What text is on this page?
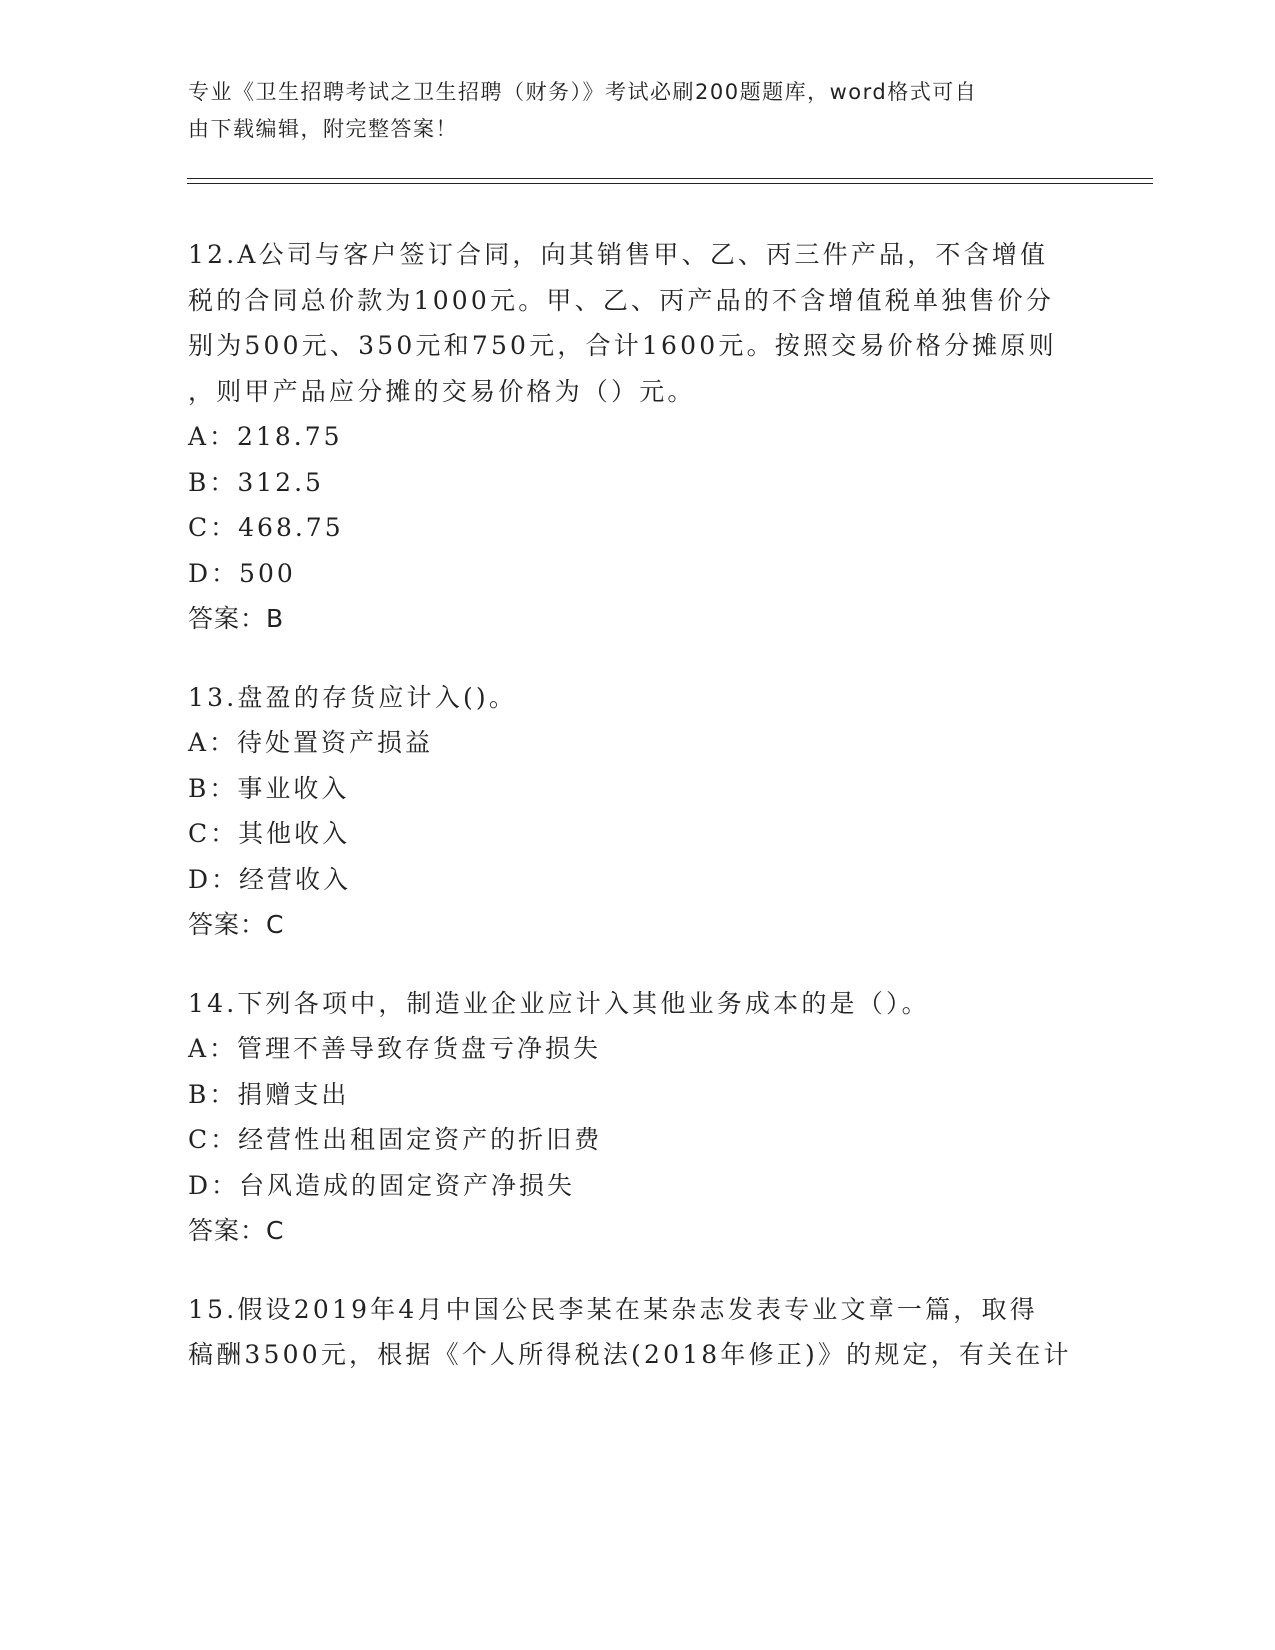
专业《卫生招聘考试之卫生招聘（财务）》考试必刷200题题库，word格式可自
由下载编辑，附完整答案！

12.A公司与客户签订合同，向其销售甲、乙、丙三件产品，不含增值

税的合同总价款为1000元。甲、乙、丙产品的不含增值税单独售价分

别为500元、350元和750元，合计1600元。按照交易价格分摊原则

，则甲产品应分摊的交易价格为（）元。

A：218.75

B：312.5

C：468.75

D：500

答案：B

13.盘盈的存货应计入()。

A：待处置资产损益

B：事业收入

C：其他收入

D：经营收入

答案：C

14.下列各项中，制造业企业应计入其他业务成本的是（）。

A：管理不善导致存货盘亏净损失

B：捐赠支出

C：经营性出租固定资产的折旧费

D：台风造成的固定资产净损失

答案：C

15.假设2019年4月中国公民李某在某杂志发表专业文章一篇，取得

稿酬3500元，根据《个人所得税法(2018年修正)》的规定，有关在计
